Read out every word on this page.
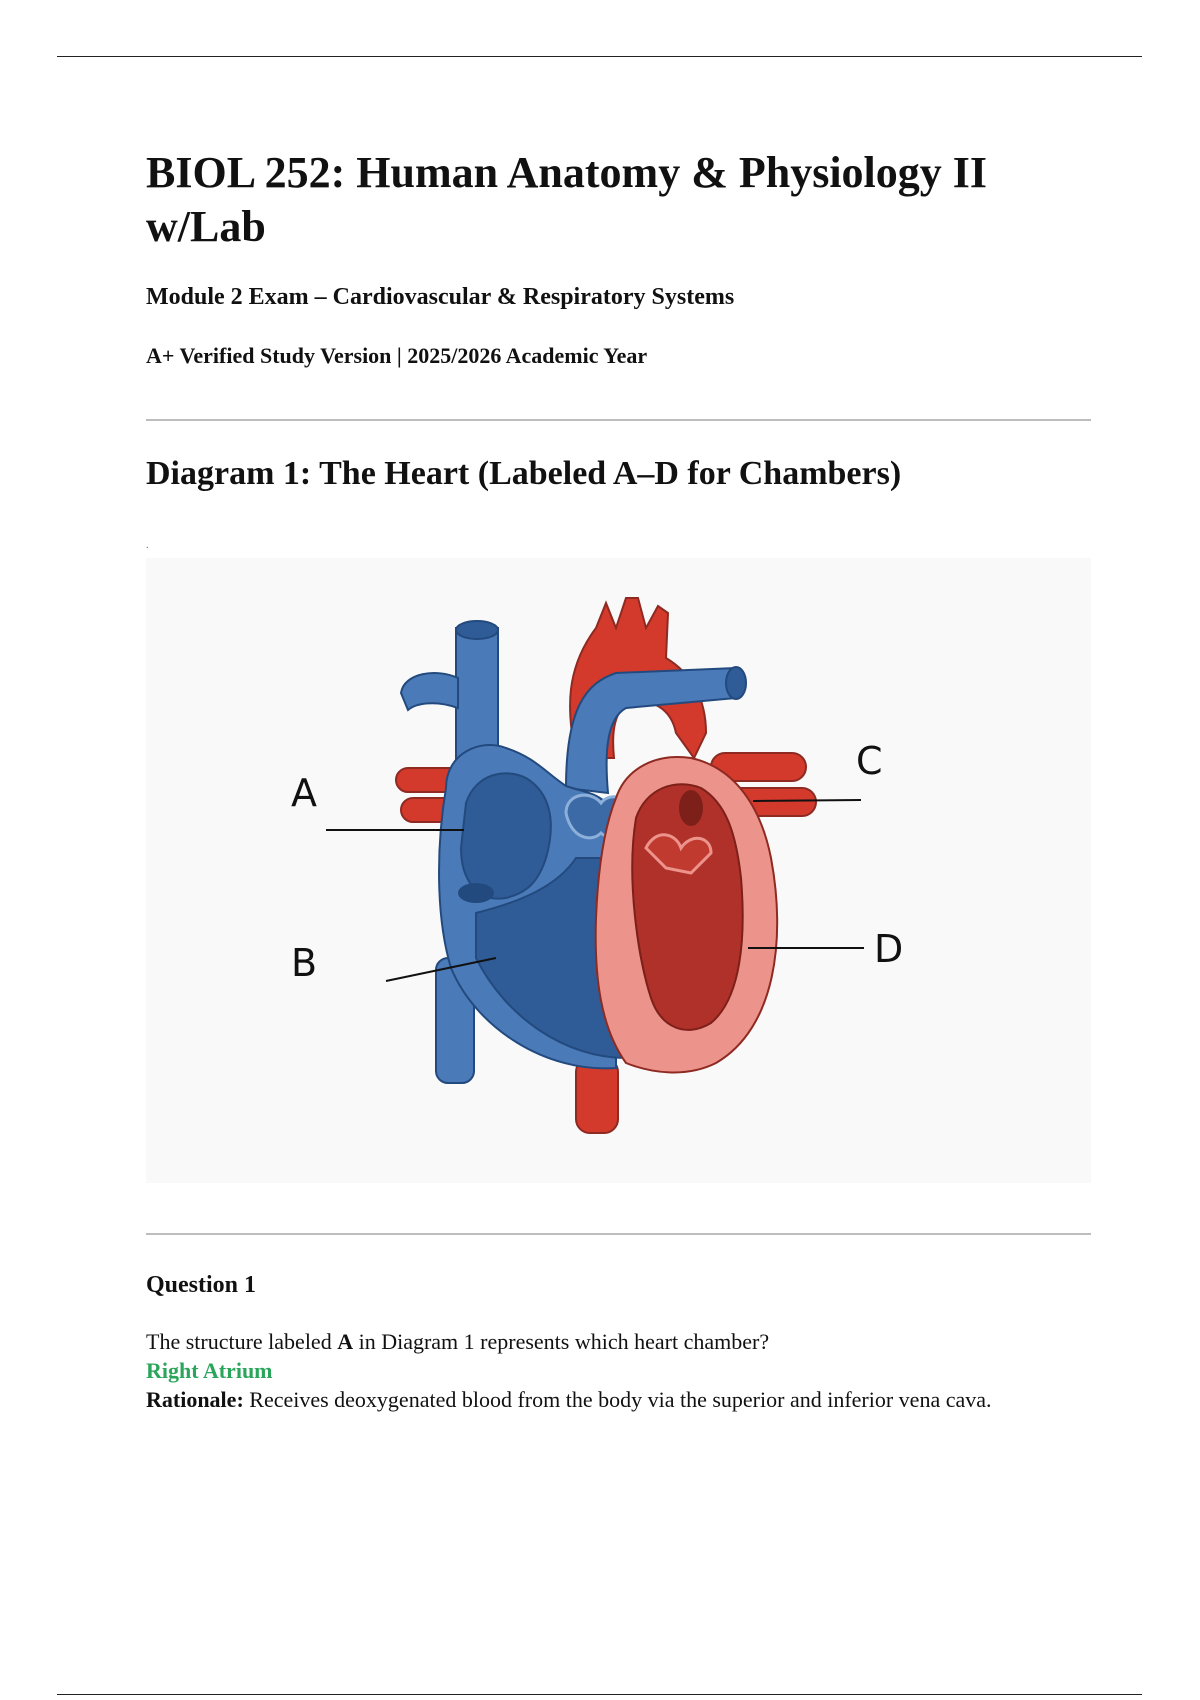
BIOL 252: Human Anatomy & Physiology II w/Lab

Module 2 Exam – Cardiovascular & Respiratory Systems

A+ Verified Study Version | 2025/2026 Academic Year

Diagram 1: The Heart (Labeled A–D for Chambers)
.
A
B
C
D
Question 1

The structure labeled A in Diagram 1 represents which heart chamber?
Right Atrium
Rationale: Receives deoxygenated blood from the body via the superior and inferior vena cava.
